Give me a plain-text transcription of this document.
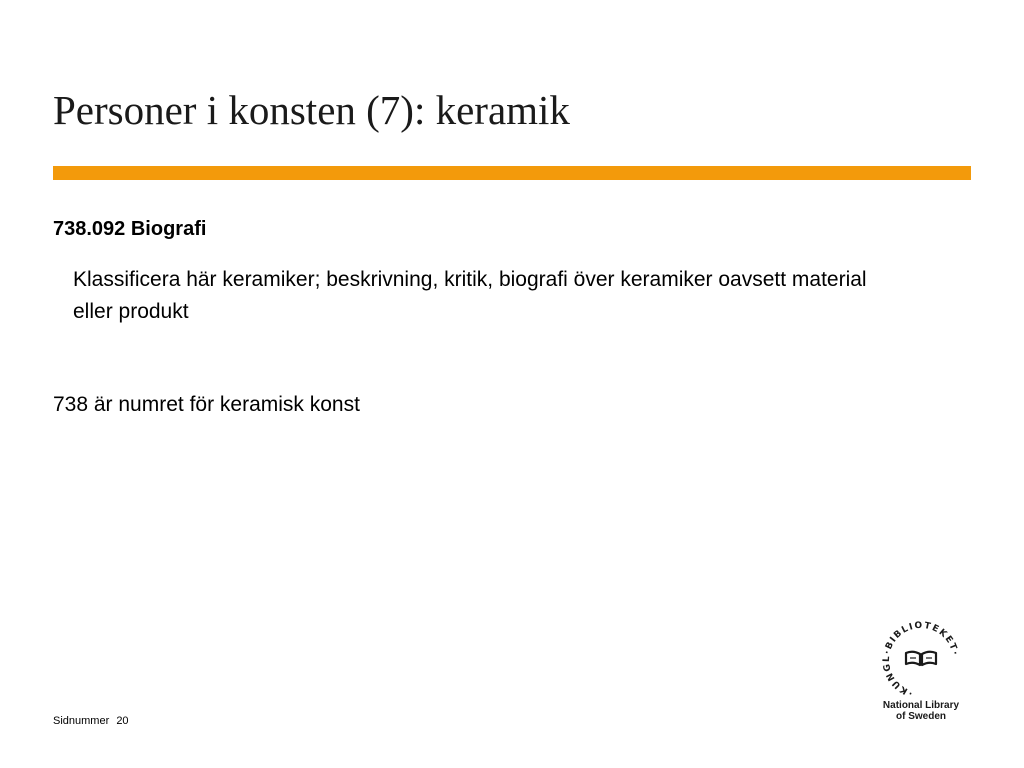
Personer i konsten (7): keramik

738.092 Biografi

Klassificera här keramiker; beskrivning, kritik, biografi över keramiker oavsett material eller produkt

738 är numret för keramisk konst

Sidnummer 20
·KUNGL·BIBLIOTEKET·
National Library
of Sweden
